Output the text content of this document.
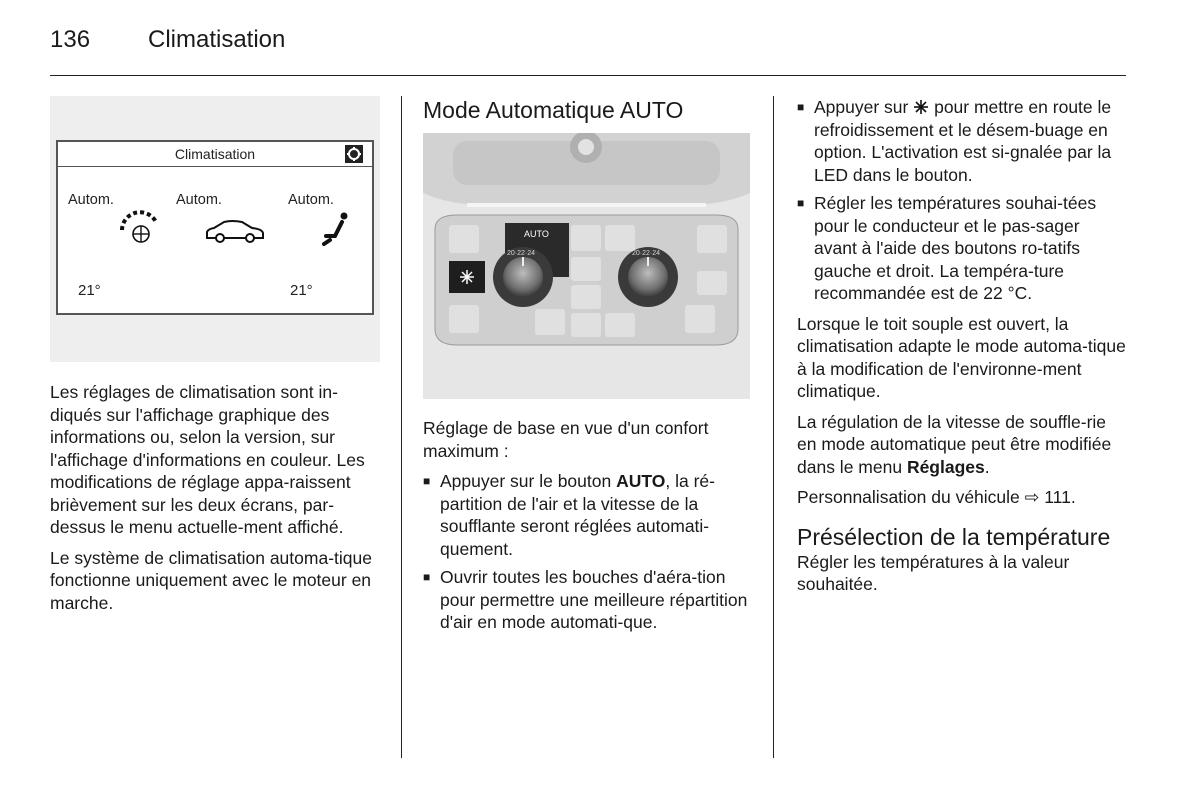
136 Climatisation
Climatisation
Autom.	Autom.	Autom.
21°	21°

Les réglages de climatisation sont in-diqués sur l'affichage graphique des informations ou, selon la version, sur l'affichage d'informations en couleur. Les modifications de réglage appa-raissent brièvement sur les deux écrans, par-dessus le menu actuelle-ment affiché.

Le système de climatisation automa-tique fonctionne uniquement avec le moteur en marche.

Mode Automatique AUTO
20·22·24	20·22·24
AUTO

Réglage de base en vue d'un confort maximum :

■ Appuyer sur le bouton AUTO, la ré-partition de l'air et la vitesse de la soufflante seront réglées automati-quement.
■ Ouvrir toutes les bouches d'aéra-tion pour permettre une meilleure répartition d'air en mode automati-que.
■ Appuyer sur  pour mettre en route le refroidissement et le désem-buage en option. L'activation est si-gnalée par la LED dans le bouton.
■ Régler les températures souhai-tées pour le conducteur et le pas-sager avant à l'aide des boutons ro-tatifs gauche et droit. La tempéra-ture recommandée est de 22 °C.

Lorsque le toit souple est ouvert, la climatisation adapte le mode automa-tique à la modification de l'environne-ment climatique.

La régulation de la vitesse de souffle-rie en mode automatique peut être modifiée dans le menu Réglages.

Personnalisation du véhicule ⇨ 111.

Présélection de la température

Régler les températures à la valeur souhaitée.
